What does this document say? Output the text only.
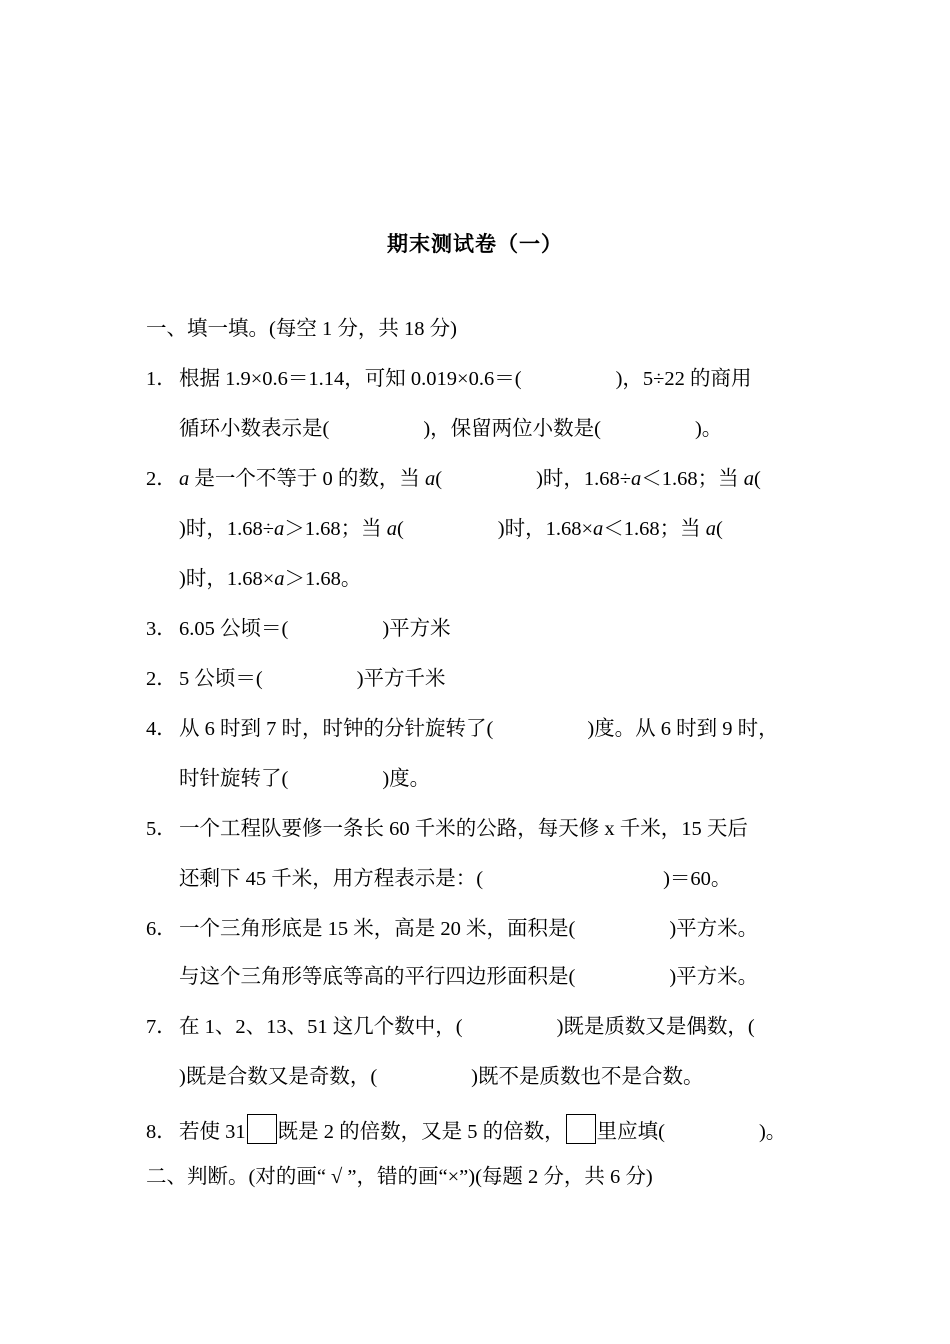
期末测试卷（一）
一、填一填。(每空 1 分，共 18 分)
1． 根据 1.9×0.6＝1.14，可知 0.019×0.6＝(	)，5÷22 的商用
循环小数表示是(	)，保留两位小数是(	)。
2． a 是一个不等于 0 的数，当 a(	)时，1.68÷a＜1.68；当 a(
)时，1.68÷a＞1.68；当 a(	)时，1.68×a＜1.68；当 a(
)时，1.68×a＞1.68。
3． 6.05 公顷＝(	)平方米
2． 5 公顷＝(	)平方千米
4． 从 6 时到 7 时，时钟的分针旋转了(	)度。从 6 时到 9 时，
时针旋转了(	)度。
5． 一个工程队要修一条长 60 千米的公路，每天修 x 千米，15 天后
还剩下 45 千米，用方程表示是：(	)＝60。
6． 一个三角形底是 15 米，高是 20 米，面积是(	)平方米。
与这个三角形等底等高的平行四边形面积是(	)平方米。
7． 在 1、2、13、51 这几个数中，(	)既是质数又是偶数，(
)既是合数又是奇数，(	)既不是质数也不是合数。
8． 若使 31 既是 2 的倍数，又是 5 的倍数， 里应填(	)。
二、判断。(对的画“ √ ”，错的画“×”)(每题 2 分，共 6 分)
